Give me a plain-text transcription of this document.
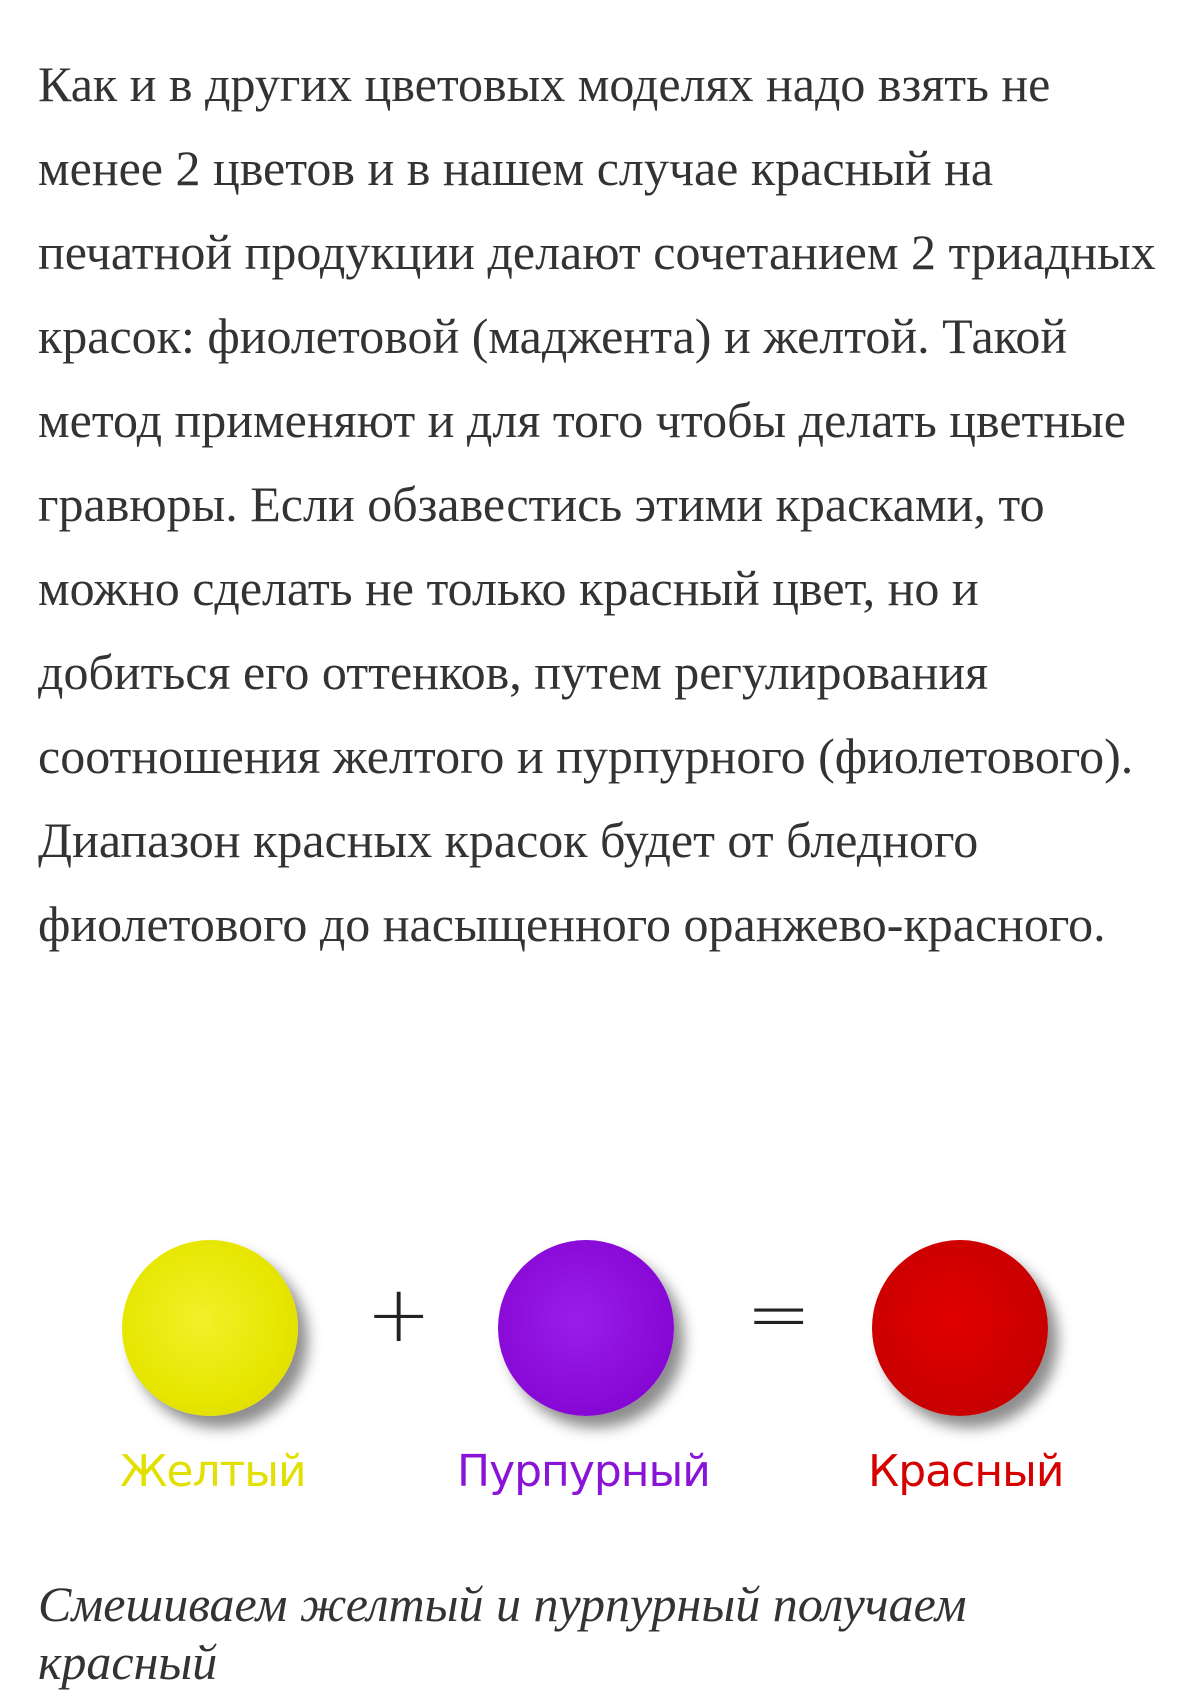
Как и в других цветовых моделях надо взять не менее 2 цветов и в нашем случае красный на печатной продукции делают сочетанием 2 триадных красок: фиолетовой (маджента) и желтой. Такой метод применяют и для того чтобы делать цветные гравюры. Если обзавестись этими красками, то можно сделать не только красный цвет, но и добиться его оттенков, путем регулирования соотношения желтого и пурпурного (фиолетового). Диапазон красных красок будет от бледного фиолетового до насыщенного оранжево-красного.

+	=
Желтый	Пурпурный	Красный

Смешиваем желтый и пурпурный получаем красный
